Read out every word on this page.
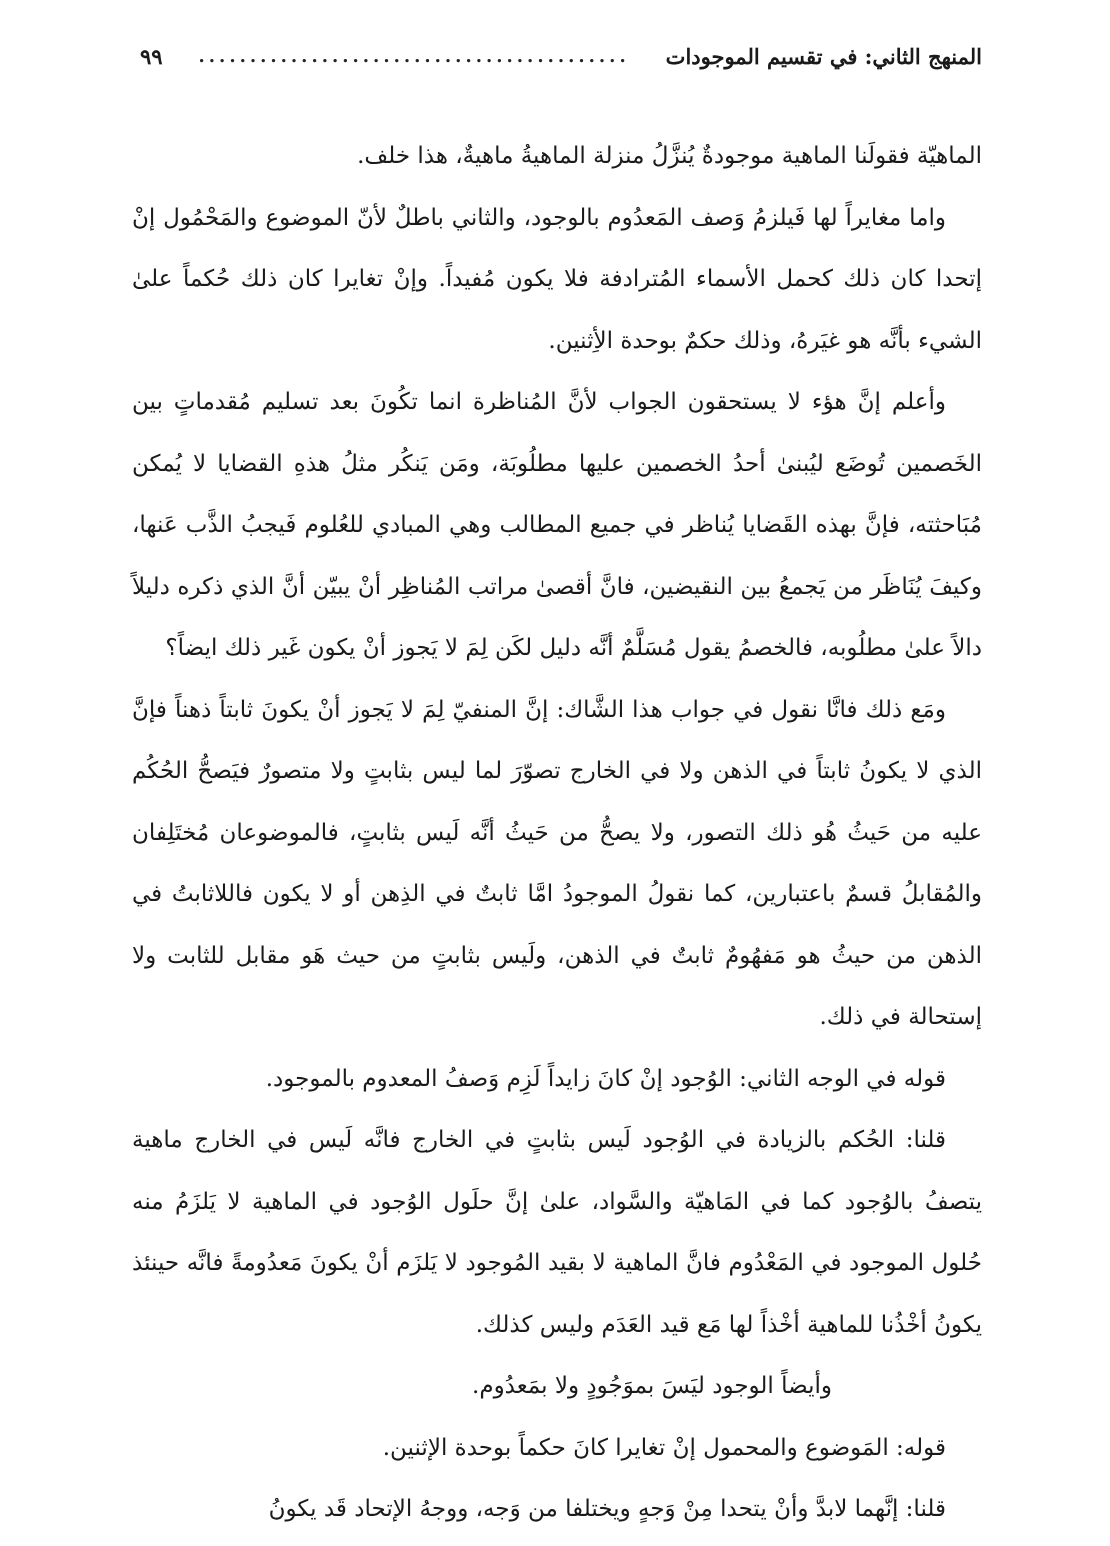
المنهج الثاني: في تقسيم الموجودات
..........................................
٩٩

الماهيّة فقولَنا الماهية موجودةٌ يُنزَّلُ منزلة الماهيةُ ماهيةٌ، هذا خلف.

واما مغايراً لها فَيلزمُ وَصف المَعدُوم بالوجود، والثاني باطلٌ لأنّ الموضوع والمَحْمُول إنْ إتحدا كان ذلك كحمل الأسماء المُترادفة فلا يكون مُفيداً. وإنْ تغايرا كان ذلك حُكماً علىٰ الشيء بأنَّه هو غيَرهُ، وذلك حكمٌ بوحدة الأِثنين.

وأعلم إنَّ هؤء لا يستحقون الجواب لأنَّ المُناظرة انما تكُونَ بعد تسليم مُقدماتٍ بين الخَصمين تُوضَع ليُبنىٰ أحدُ الخصمين عليها مطلُوبَة، ومَن يَنكُر مثلُ هذهِ القضايا لا يُمكن مُبَاحثته، فإنَّ بهذه القَضايا يُناظر في جميع المطالب وهي المبادي للعُلوم فَيجبُ الذَّب عَنها، وكيفَ يُنَاظَر من يَجمعُ بين النقيضين، فانَّ أقصىٰ مراتب المُناظِر أنْ يبيّن أنَّ الذي ذكره دليلاً دالاً علىٰ مطلُوبه، فالخصمُ يقول مُسَلَّمٌ أنَّه دليل لكَن لِمَ لا يَجوز أنْ يكون غَير ذلك ايضاً؟

ومَع ذلك فانَّا نقول في جواب هذا الشَّاك: إنَّ المنفيّ لِمَ لا يَجوز أنْ يكونَ ثابتاً ذهناً فإنَّ الذي لا يكونُ ثابتاً في الذهن ولا في الخارج تصوّرَ لما ليس بثابتٍ ولا متصورٌ فيَصحُّ الحُكُم عليه من حَيثُ هُو ذلك التصور، ولا يصحُّ من حَيثُ أنَّه لَيس بثابتٍ، فالموضوعان مُختَلِفان والمُقابلُ قسمٌ باعتبارين، كما نقولُ الموجودُ امَّا ثابتٌ في الذِهن أو لا يكون فاللاثابتُ في الذهن من حيثُ هو مَفهُومٌ ثابتٌ في الذهن، ولَيس بثابتٍ من حيث هَو مقابل للثابت ولا إستحالة في ذلك.

قوله في الوجه الثاني: الوُجود إنْ كانَ زايداً لَزِم وَصفُ المعدوم بالموجود.

قلنا: الحُكم بالزيادة في الوُجود لَيس بثابتٍ في الخارج فانَّه لَيس في الخارج ماهية يتصفُ بالوُجود كما في المَاهيّة والسَّواد، علىٰ إنَّ حلَول الوُجود في الماهية لا يَلزَمُ منه حُلول الموجود في المَعْدُوم فانَّ الماهية لا بقيد المُوجود لا يَلزَم أنْ يكونَ مَعدُومةً فانَّه حينئذ يكونُ أخْذُنا للماهية أخْذاً لها مَع قيد العَدَم وليس كذلك.

وأيضاً الوجود ليَسَ بموَجُودٍ ولا بمَعدُوم.

قوله: المَوضوع والمحمول إنْ تغايرا كانَ حكماً بوحدة الإثنين.

قلنا: إنَّهما لابدَّ وأنْ يتحدا مِنْ وَجهٍ ويختلفا من وَجه، ووجهُ الإتحاد قَد يكونُ
